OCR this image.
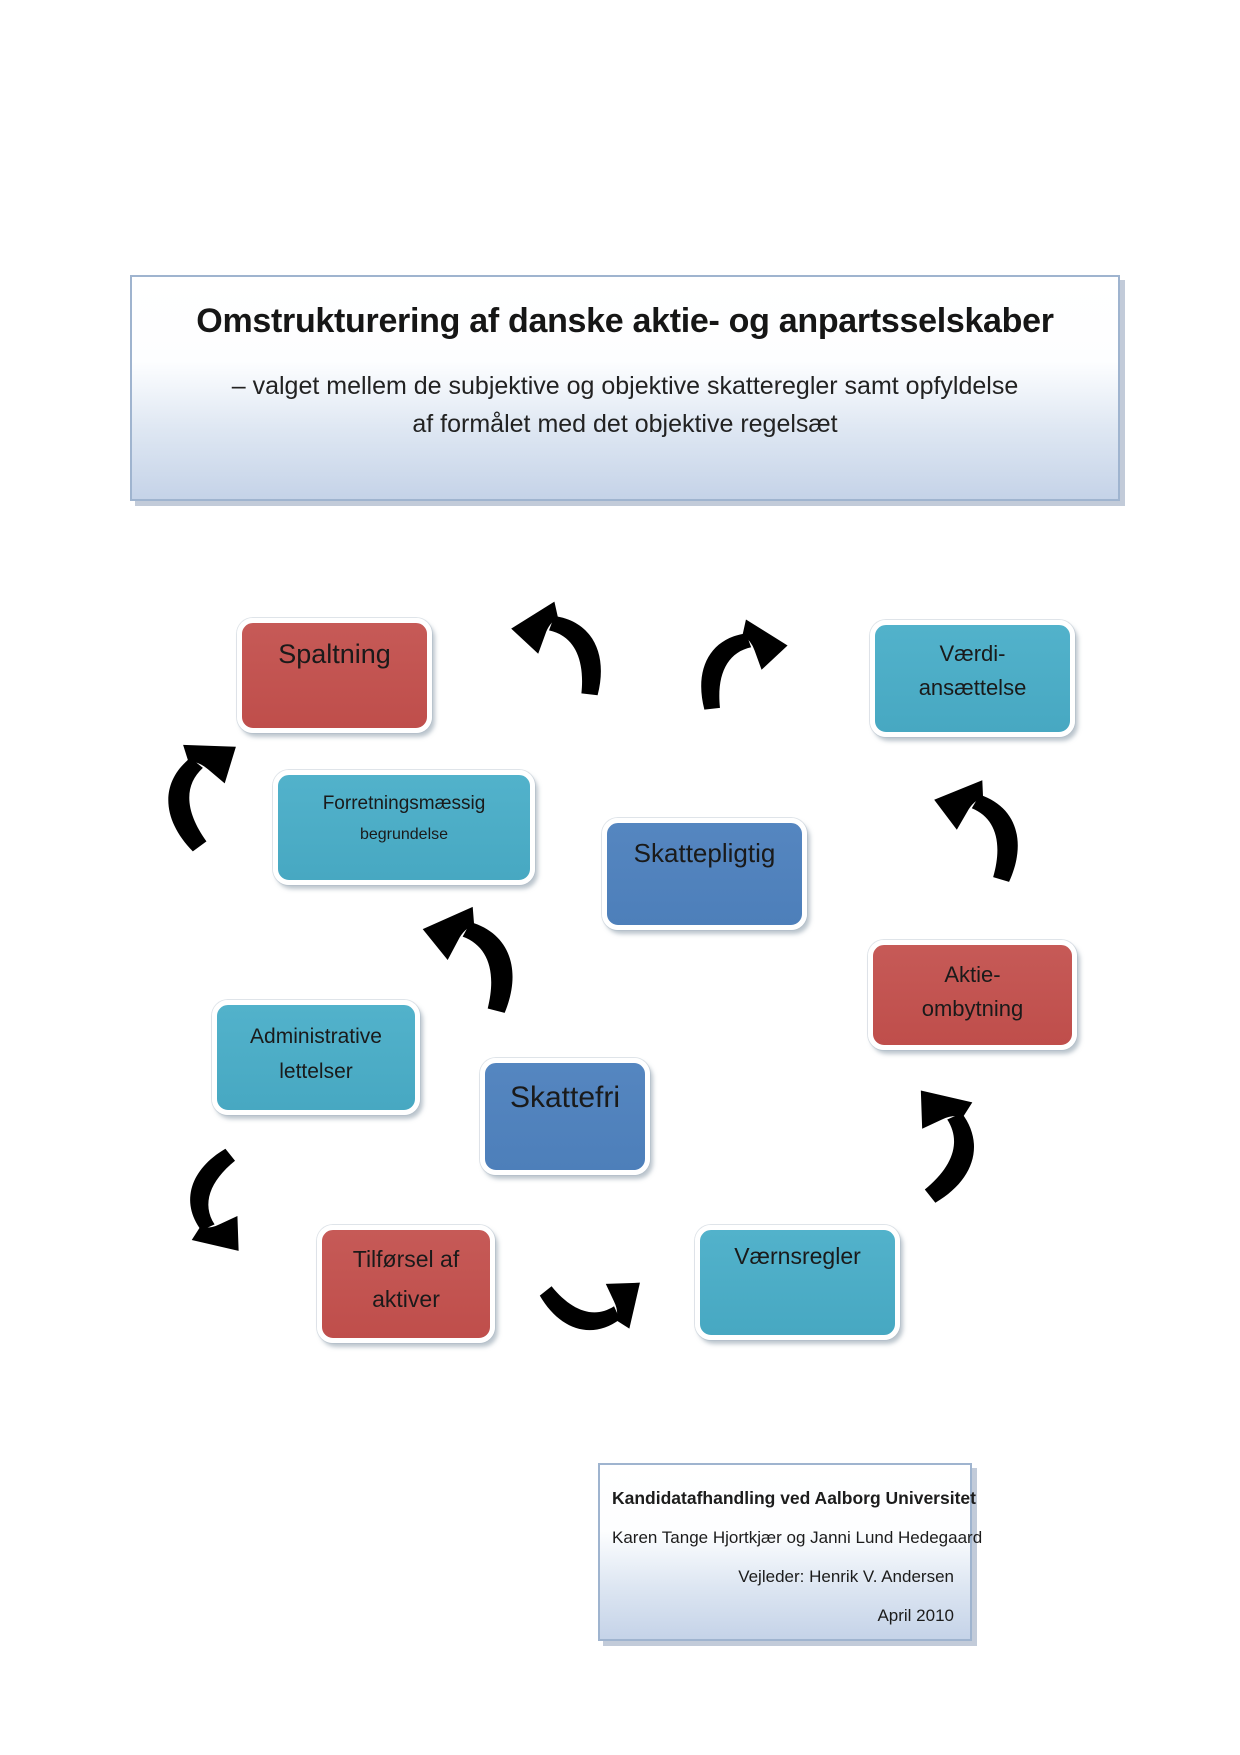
Omstrukturering af danske aktie- og anpartsselskaber

– valget mellem de subjektive og objektive skatteregler samt opfyldelse
af formålet med det objektive regelsæt

Spaltning	Værdi-
ansættelse
Forretningsmæssig
begrundelse
Skattepligtig
Aktie-
ombytning
Administrative
lettelser
Skattefri
Tilførsel af
aktiver
Værnsregler
Kandidatafhandling ved Aalborg Universitet
Karen Tange Hjortkjær og Janni Lund Hedegaard
Vejleder: Henrik V. Andersen
April 2010
